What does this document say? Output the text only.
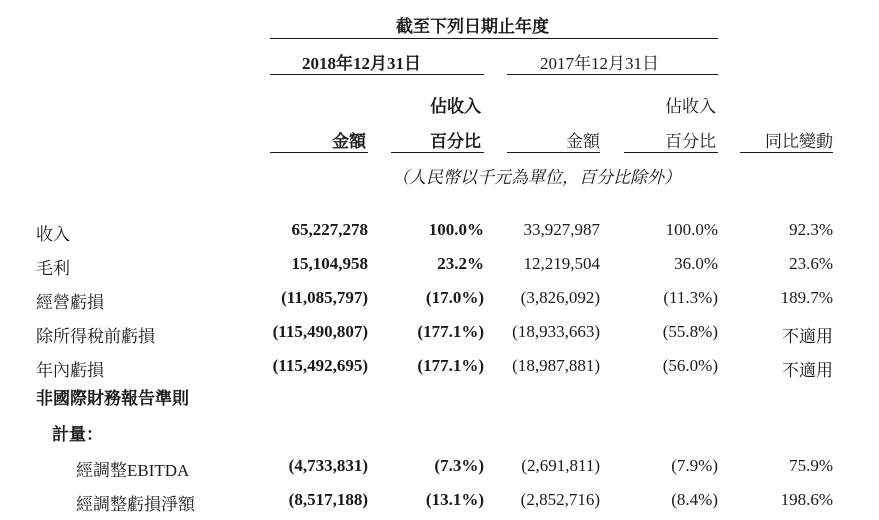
截至下列日期止年度
2018年12月31日	2017年12月31日
佔收入	佔收入
金額	百分比	金額	百分比	同比變動
（人民幣以千元為單位，百分比除外）
收入	65,227,278	100.0%	33,927,987	100.0%	92.3%
毛利	15,104,958	23.2%	12,219,504	36.0%	23.6%
經營虧損	(11,085,797)	(17.0%)	(3,826,092)	(11.3%)	189.7%
除所得稅前虧損	(115,490,807)	(177.1%)	(18,933,663)	(55.8%)	不適用
年內虧損	(115,492,695)	(177.1%)	(18,987,881)	(56.0%)	不適用
非國際財務報告準則
計量：
經調整EBITDA	(4,733,831)	(7.3%)	(2,691,811)	(7.9%)	75.9%
經調整虧損淨額	(8,517,188)	(13.1%)	(2,852,716)	(8.4%)	198.6%
